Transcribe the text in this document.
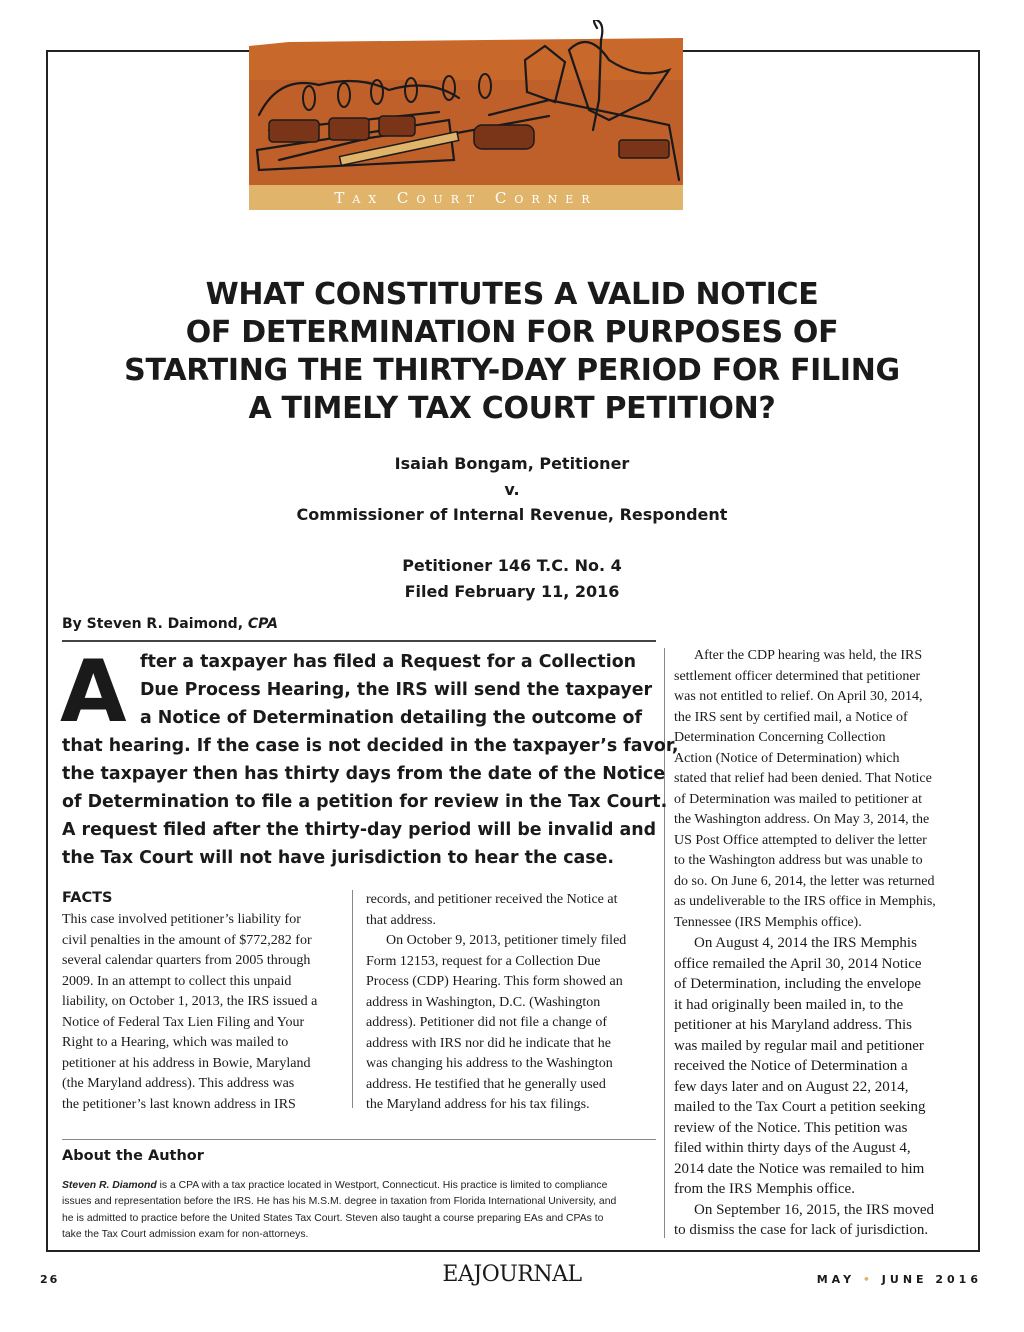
Tax Court Corner
WHAT CONSTITUTES A VALID NOTICE
OF DETERMINATION FOR PURPOSES OF
STARTING THE THIRTY-DAY PERIOD FOR FILING
A TIMELY TAX COURT PETITION?
Isaiah Bongam, Petitioner
v.
Commissioner of Internal Revenue, Respondent
Petitioner 146 T.C. No. 4
Filed February 11, 2016
By Steven R. Daimond, CPA
A fter a taxpayer has filed a Request for a Collection
Due Process Hearing, the IRS will send the taxpayer
a Notice of Determination detailing the outcome of
that hearing. If the case is not decided in the taxpayer’s favor,
the taxpayer then has thirty days from the date of the Notice
of Determination to file a petition for review in the Tax Court.
A request filed after the thirty-day period will be invalid and
the Tax Court will not have jurisdiction to hear the case.
FACTS
This case involved petitioner’s liability for
civil penalties in the amount of $772,282 for
several calendar quarters from 2005 through
2009. In an attempt to collect this unpaid
liability, on October 1, 2013, the IRS issued a
Notice of Federal Tax Lien Filing and Your
Right to a Hearing, which was mailed to
petitioner at his address in Bowie, Maryland
(the Maryland address). This address was
the petitioner’s last known address in IRS
records, and petitioner received the Notice at
that address.
On October 9, 2013, petitioner timely filed
Form 12153, request for a Collection Due
Process (CDP) Hearing. This form showed an
address in Washington, D.C. (Washington
address). Petitioner did not file a change of
address with IRS nor did he indicate that he
was changing his address to the Washington
address. He testified that he generally used
the Maryland address for his tax filings.
After the CDP hearing was held, the IRS
settlement officer determined that petitioner
was not entitled to relief. On April 30, 2014,
the IRS sent by certified mail, a Notice of
Determination Concerning Collection
Action (Notice of Determination) which
stated that relief had been denied. That Notice
of Determination was mailed to petitioner at
the Washington address. On May 3, 2014, the
US Post Office attempted to deliver the letter
to the Washington address but was unable to
do so. On June 6, 2014, the letter was returned
as undeliverable to the IRS office in Memphis,
Tennessee (IRS Memphis office).
On August 4, 2014 the IRS Memphis
office remailed the April 30, 2014 Notice
of Determination, including the envelope
it had originally been mailed in, to the
petitioner at his Maryland address. This
was mailed by regular mail and petitioner
received the Notice of Determination a
few days later and on August 22, 2014,
mailed to the Tax Court a petition seeking
review of the Notice. This petition was
filed within thirty days of the August 4,
2014 date the Notice was remailed to him
from the IRS Memphis office.
On September 16, 2015, the IRS moved
to dismiss the case for lack of jurisdiction.
About the Author
Steven R. Diamond is a CPA with a tax practice located in Westport, Connecticut. His practice is limited to compliance
issues and representation before the IRS. He has his M.S.M. degree in taxation from Florida International University, and
he is admitted to practice before the United States Tax Court. Steven also taught a course preparing EAs and CPAs to
take the Tax Court admission exam for non-attorneys.
26	EAJOURNAL	MAY • JUNE 2016
